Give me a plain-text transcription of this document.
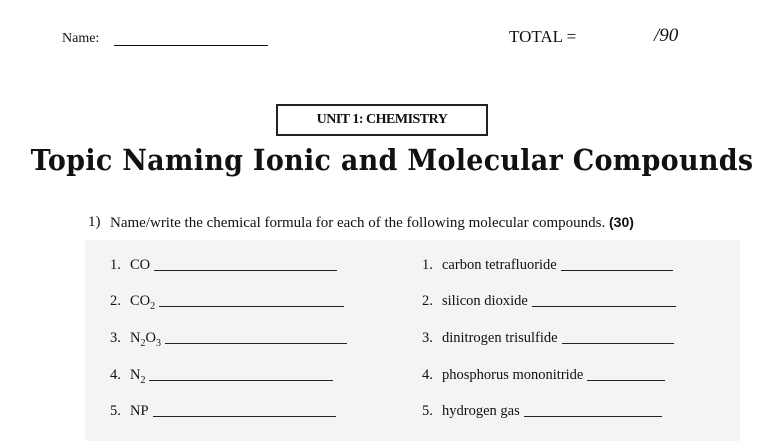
Name:	TOTAL =	/90
UNIT 1: CHEMISTRY
Topic Naming Ionic and Molecular Compounds
1) Name/write the chemical formula for each of the following molecular compounds. (30)
1. CO
2. $CO_2$
3. $N_2O_3$
4. $N_2$
5. NP
1. carbon tetrafluoride
2. silicon dioxide
3. dinitrogen trisulfide
4. phosphorus mononitride
5. hydrogen gas
